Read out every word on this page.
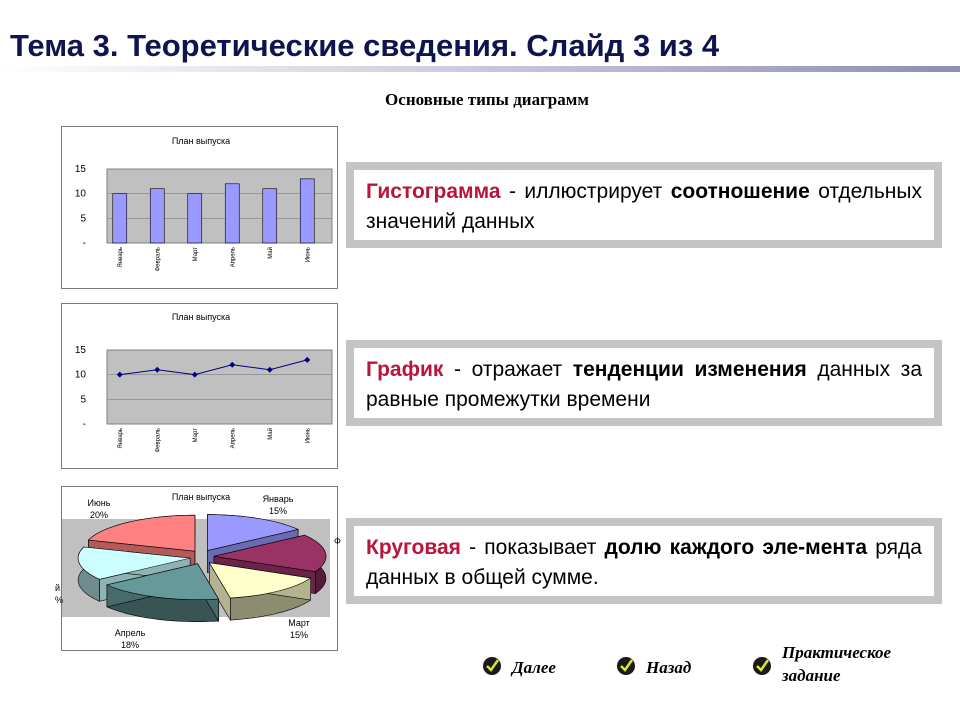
Тема 3. Теоретические сведения. Слайд 3 из 4
Основные типы диаграмм
План выпуска
15
10
5
-
Январь	Февраль	Март	Апрель	Май	Июнь
План выпуска
15
10
5
-
Январь	Февраль	Март	Апрель	Май	Июнь
План выпуска	Январь
15%
Март
15%
Апрель
18%
Июнь
20%
й
%
Ф
Гистограмма - иллюстрирует соотношение отдельных значений данных
График - отражает тенденции изменения данных за равные промежутки времени
Круговая - показывает долю каждого эле-мента ряда данных в общей сумме.
Далее	Назад
Практическое задание
